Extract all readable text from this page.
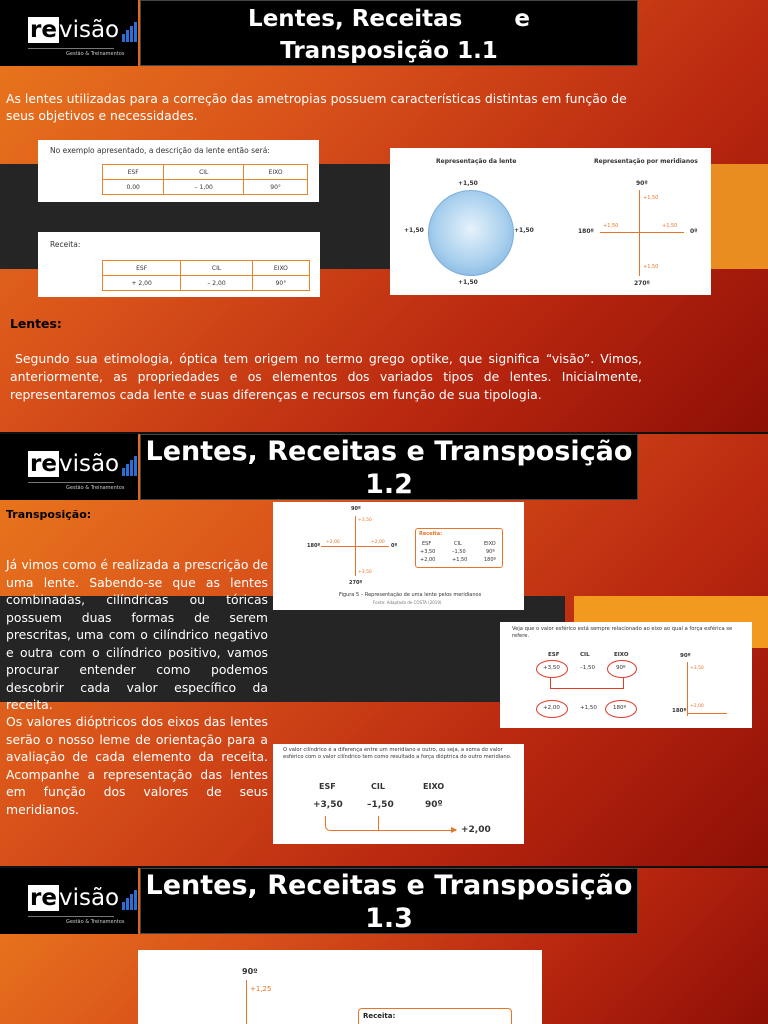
revisão
Gestão & Treinamentos
Lentes, Receitas e
Transposição 1.1
As lentes utilizadas para a correção das ametropias possuem características distintas em função de seus objetivos e necessidades.
No exemplo apresentado, a descrição da lente então será:
ESF	CIL	EIXO
0,00	– 1,00	90°
Receita:
ESF	CIL	EIXO
+ 2,00	– 2,00	90°
Representação da lente	Representação por meridianos
+1,50
+1,50	+1,50
+1,50
90º
180º	0º
270º
+1,50
+1,50
+1,50	+1,50
Lentes:
Segundo sua etimologia, óptica tem origem no termo grego optike, que significa “visão”. Vimos, anteriormente, as propriedades e os elementos dos variados tipos de lentes. Inicialmente, representaremos cada lente e suas diferenças e recursos em função de sua tipologia.
revisão
Gestão & Treinamentos
Lentes, Receitas e Transposição
1.2
Transposição:
Já vimos como é realizada a prescrição de uma lente. Sabendo-se que as lentes combinadas, cilíndricas ou tóricas possuem duas formas de serem prescritas, uma com o cilíndrico negativo e outra com o cilíndrico positivo, vamos procurar entender como podemos descobrir cada valor específico da receita.
Os valores dióptricos dos eixos das lentes serão o nosso leme de orientação para a avaliação de cada elemento da receita. Acompanhe a representação das lentes em função dos valores de seus meridianos.
90º
180º	0º
270º
+3,50
+3,50
+2,00	+2,00
Receita:
ESF	CIL	EIXO
+3,50	–1,50	90º
+2,00	+1,50	180º
Figura 5 – Representação de uma lente pelos meridianos
Fonte: Adaptada de COSTA (2019)
Veja que o valor esférico está sempre relacionado ao eixo ao qual a força esférica se refere.
ESF	CIL	EIXO
+3,50	–1,50	90º
+2,00	+1,50	180º
90º
+3,50
180º
+2,00
O valor cilíndrico é a diferença entre um meridiano e outro, ou seja, a soma do valor esférico com o valor cilíndrico tem como resultado a força dióptrica do outro meridiano.
ESF	CIL	EIXO
+3,50	–1,50	90º
▶ +2,00
revisão
Gestão & Treinamentos
Lentes, Receitas e Transposição
1.3
90º
+1,25
Receita:
